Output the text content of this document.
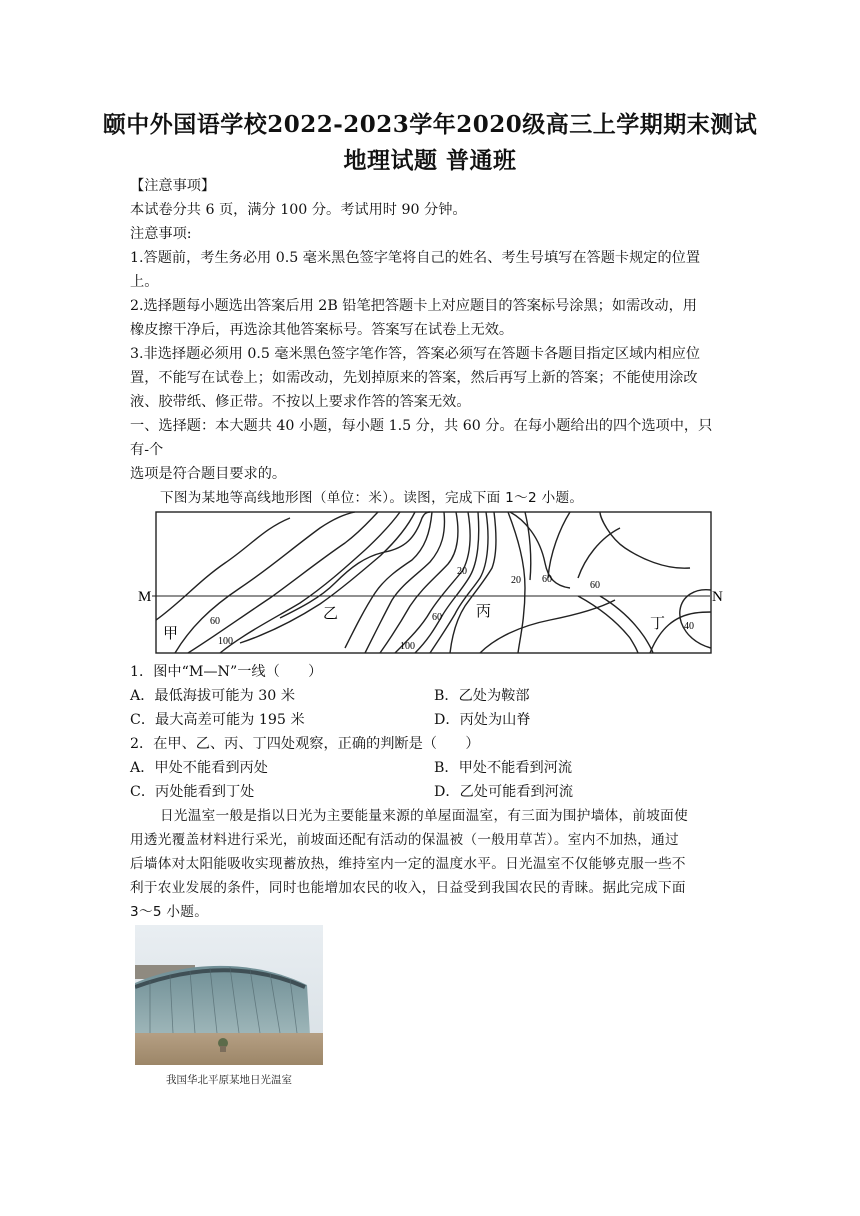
颐中外国语学校2022-2023学年2020级高三上学期期末测试
地理试题 普通班
【注意事项】
本试卷分共 6 页，满分 100 分。考试用时 90 分钟。
注意事项:
1.答题前，考生务必用 0.5 毫米黑色签字笔将自己的姓名、考生号填写在答题卡规定的位置
上。
2.选择题每小题选出答案后用 2B 铅笔把答题卡上对应题目的答案标号涂黑；如需改动，用
橡皮擦干净后，再选涂其他答案标号。答案写在试卷上无效。
3.非选择题必须用 0.5 毫米黑色签字笔作答，答案必须写在答题卡各题目指定区域内相应位
置，不能写在试卷上；如需改动，先划掉原来的答案，然后再写上新的答案；不能使用涂改
液、胶带纸、修正带。不按以上要求作答的答案无效。
一、选择题：本大题共 40 小题，每小题 1.5 分，共 60 分。在每小题给出的四个选项中，只
有-个
选项是符合题目要求的。
下图为某地等高线地形图（单位：米）。读图，完成下面 1～2 小题。
M	N
甲
乙	丙
丁
60
100
20
60
100
20 60
60
40
1．图中“M—N”一线（　　）
A．最低海拔可能为 30 米	B．乙处为鞍部
C．最大高差可能为 195 米	D．丙处为山脊
2．在甲、乙、丙、丁四处观察，正确的判断是（　　）
A．甲处不能看到丙处	B．甲处不能看到河流
C．丙处能看到丁处	D．乙处可能看到河流
日光温室一般是指以日光为主要能量来源的单屋面温室，有三面为围护墙体，前坡面使
用透光覆盖材料进行采光，前坡面还配有活动的保温被（一般用草苫）。室内不加热，通过
后墙体对太阳能吸收实现蓄放热，维持室内一定的温度水平。日光温室不仅能够克服一些不
利于农业发展的条件，同时也能增加农民的收入，日益受到我国农民的青睐。据此完成下面
3～5 小题。
我国华北平原某地日光温室
